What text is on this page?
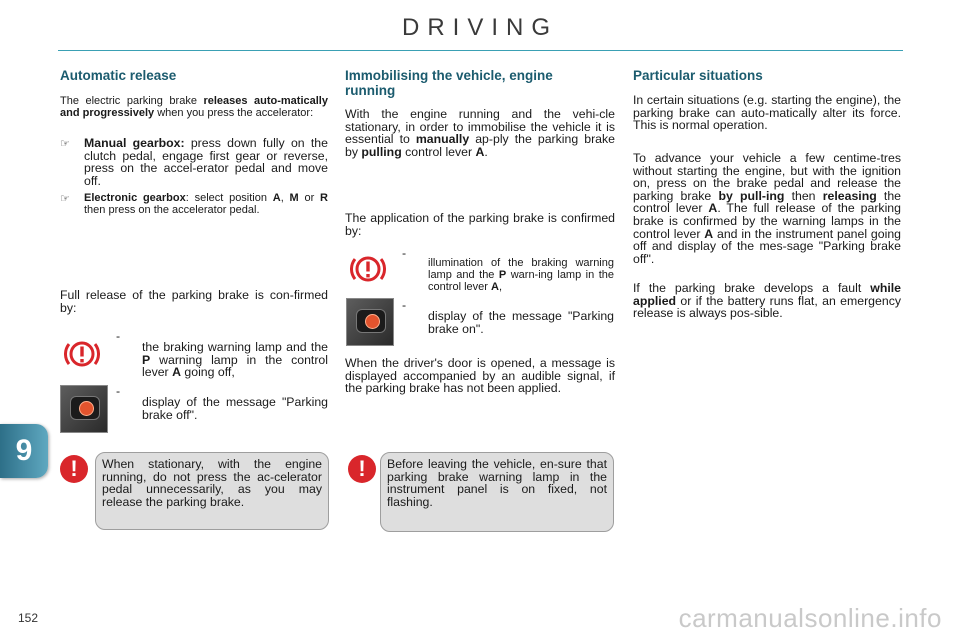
DRIVING
9
Automatic release

The electric parking brake releases auto-matically and progressively when you press the accelerator:

☞	Manual gearbox: press down fully on the clutch pedal, engage first gear or reverse, press on the accel-erator pedal and move off.

☞	Electronic gearbox: select position A, M or R then press on the accelerator pedal.

Full release of the parking brake is con-firmed by:

-

the braking warning lamp and the P warning lamp in the control lever A going off,

-

display of the message "Parking brake off".

!	When stationary, with the engine running, do not press the ac-celerator pedal unnecessarily, as you may release the parking brake.
Immobilising the vehicle, engine running

With the engine running and the vehi-cle stationary, in order to immobilise the vehicle it is essential to manually ap-ply the parking brake by pulling control lever A.

The application of the parking brake is confirmed by:

-

illumination of the braking warning lamp and the P warn-ing lamp in the control lever A,

-

display of the message "Parking brake on".

When the driver's door is opened, a message is displayed accompanied by an audible signal, if the parking brake has not been applied.

!	Before leaving the vehicle, en-sure that parking brake warning lamp in the instrument panel is on fixed, not flashing.
Particular situations

In certain situations (e.g. starting the engine), the parking brake can auto-matically alter its force. This is normal operation.

To advance your vehicle a few centime-tres without starting the engine, but with the ignition on, press on the brake pedal and release the parking brake by pull-ing then releasing the control lever A. The full release of the parking brake is confirmed by the warning lamps in the control lever A and in the instrument panel going off and display of the mes-sage "Parking brake off".

If the parking brake develops a fault while applied or if the battery runs flat, an emergency release is always pos-sible.

152	carmanualsonline.info
